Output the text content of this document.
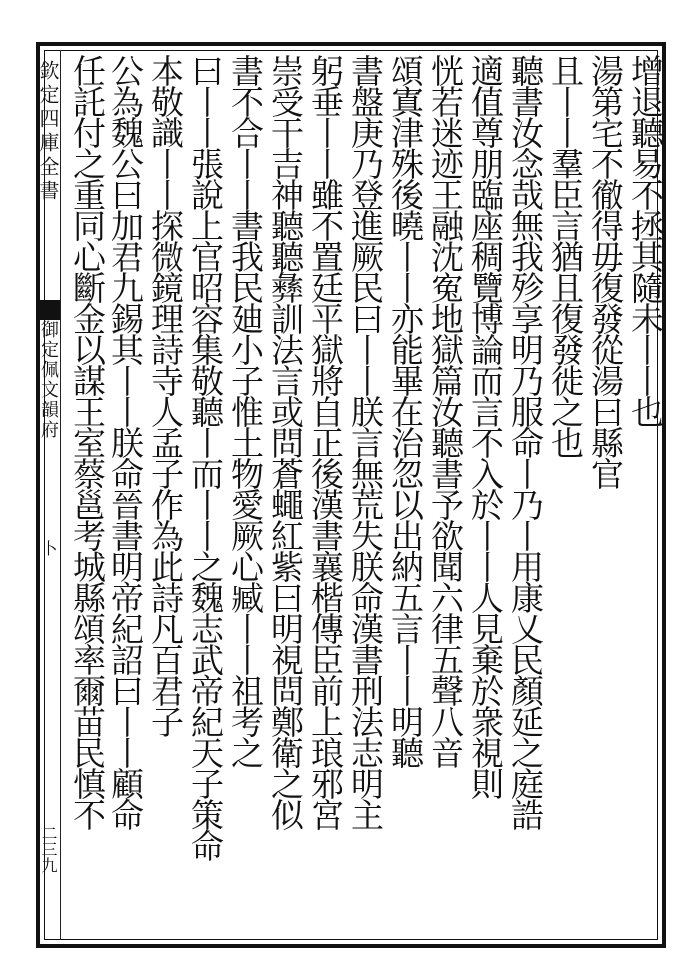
欽定四庫全書
御定佩文韻府
卜
二三九
增退聽易不拯其隨未丨丨也
湯第宅不徹得毋復發從湯曰縣官
且丨丨羣臣言猶且復發徙之也
聽書汝念哉無我殄享明乃服命丨乃丨用康乂民顏延之庭誥
適值尊朋臨座稠覽博論而言不入於丨丨人見棄於衆視則
恍若迷迹王融沈寃地獄篇汝聽書予欲聞六律五聲八音
頌寘津殊後曉丨丨亦能畢在治忽以出納五言丨丨明聽
書盤庚乃登進厥民曰丨丨朕言無荒失朕命漢書刑法志明主
躬垂丨丨雖不置廷平獄將自正後漢書襄楷傳臣前上琅邪宮
崇受干吉神聽聽彝訓法言或問蒼蠅紅紫曰明視問鄭衛之似
書不合丨丨書我民廸小子惟土物愛厥心臧丨丨祖考之
曰丨丨張說上官昭容集敬聽丨而丨丨之魏志武帝紀天子策命
本敬識丨丨探微鏡理詩寺人孟子作為此詩凡百君子
公為魏公曰加君九錫其丨丨朕命晉書明帝紀詔曰丨丨顧命
任託付之重同心斷金以謀王室蔡邕考城縣頌率爾苗民慎不
